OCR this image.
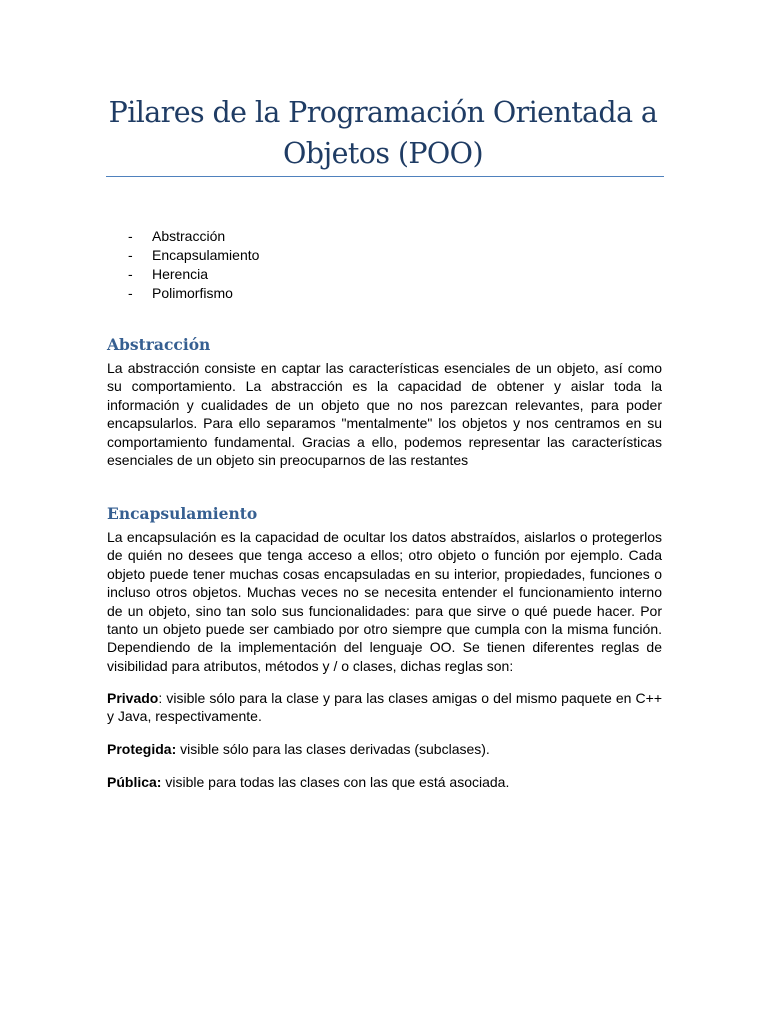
Pilares de la Programación Orientada a Objetos (POO)
- Abstracción
- Encapsulamiento
- Herencia
- Polimorfismo
Abstracción

La abstracción consiste en captar las características esenciales de un objeto, así como su comportamiento. La abstracción es la capacidad de obtener y aislar toda la información y cualidades de un objeto que no nos parezcan relevantes, para poder encapsularlos. Para ello separamos "mentalmente" los objetos y nos centramos en su comportamiento fundamental. Gracias a ello, podemos representar las características esenciales de un objeto sin preocuparnos de las restantes

Encapsulamiento

La encapsulación es la capacidad de ocultar los datos abstraídos, aislarlos o protegerlos de quién no desees que tenga acceso a ellos; otro objeto o función por ejemplo. Cada objeto puede tener muchas cosas encapsuladas en su interior, propiedades, funciones o incluso otros objetos. Muchas veces no se necesita entender el funcionamiento interno de un objeto, sino tan solo sus funcionalidades: para que sirve o qué puede hacer. Por tanto un objeto puede ser cambiado por otro siempre que cumpla con la misma función. Dependiendo de la implementación del lenguaje OO. Se tienen diferentes reglas de visibilidad para atributos, métodos y / o clases, dichas reglas son:

Privado: visible sólo para la clase y para las clases amigas o del mismo paquete en C++ y Java, respectivamente.

Protegida: visible sólo para las clases derivadas (subclases).

Pública: visible para todas las clases con las que está asociada.
